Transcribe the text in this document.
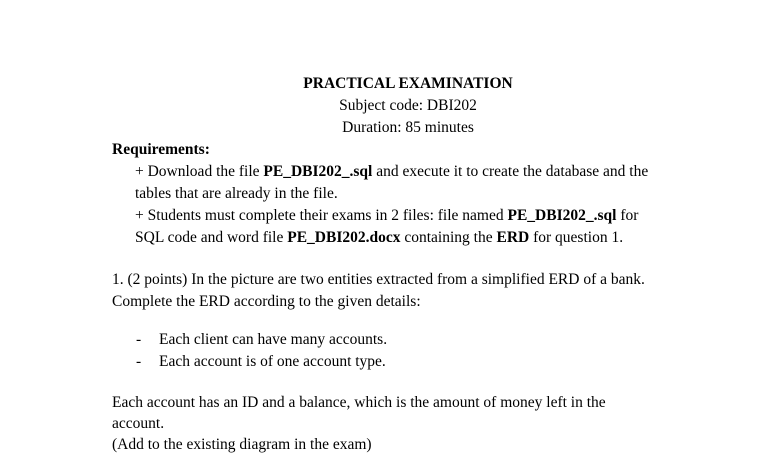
PRACTICAL EXAMINATION
Subject code: DBI202
Duration: 85 minutes
Requirements:
+ Download the file PE_DBI202_.sql and execute it to create the database and the
tables that are already in the file.
+ Students must complete their exams in 2 files: file named PE_DBI202_.sql for
SQL code and word file PE_DBI202.docx containing the ERD for question 1.
1. (2 points) In the picture are two entities extracted from a simplified ERD of a bank.
Complete the ERD according to the given details:
- Each client can have many accounts.
- Each account is of one account type.
Each account has an ID and a balance, which is the amount of money left in the
account.
(Add to the existing diagram in the exam)
